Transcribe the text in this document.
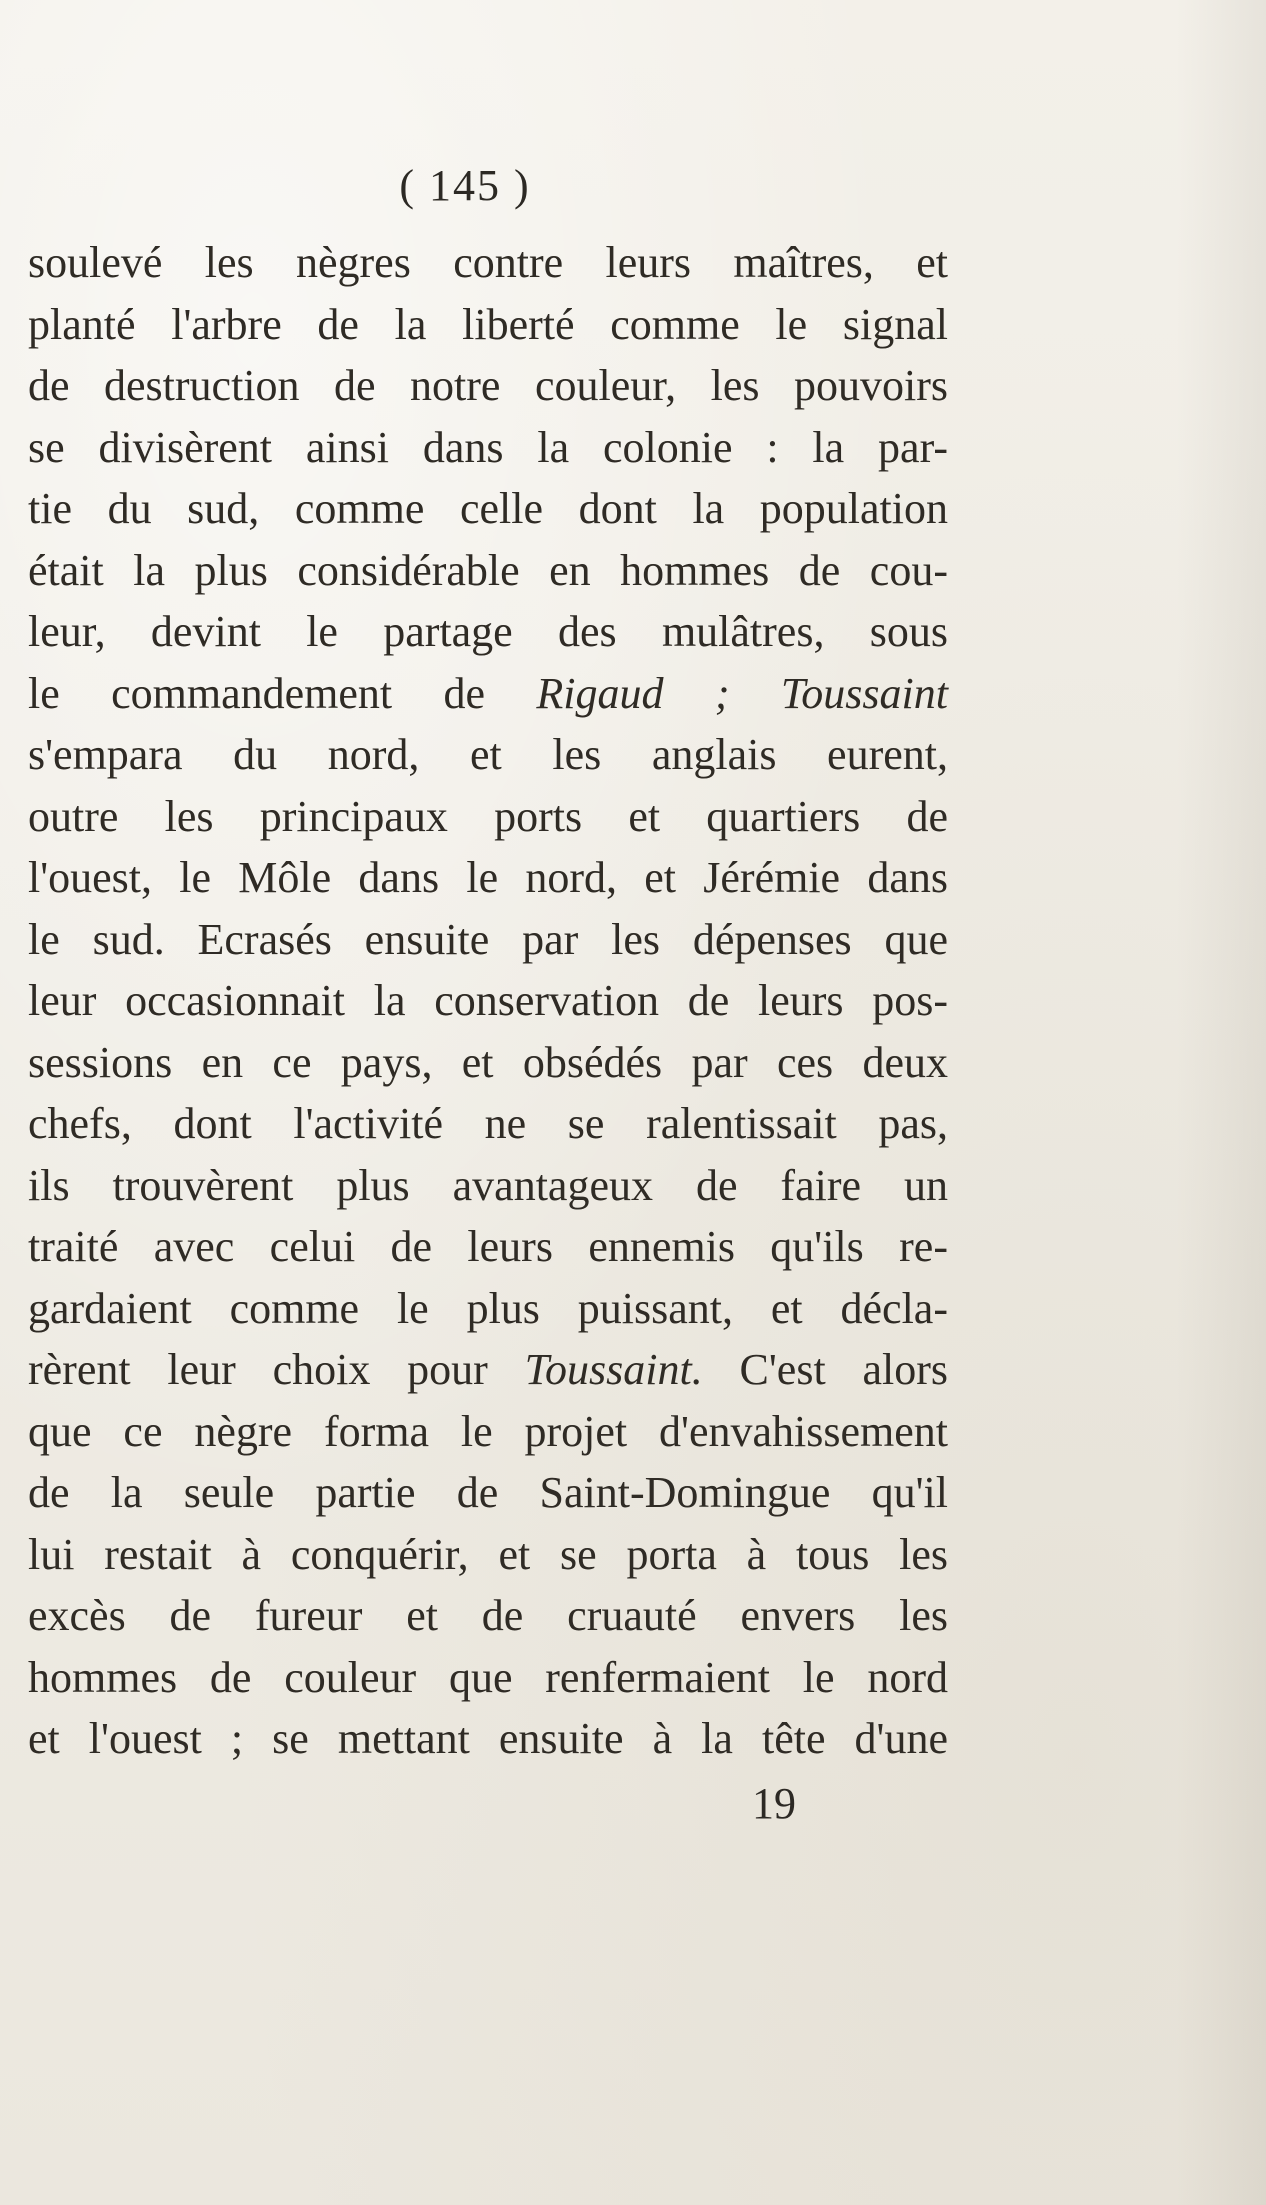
( 145 )
soulevé les nègres contre leurs maîtres, et
planté l'arbre de la liberté comme le signal
de destruction de notre couleur, les pouvoirs
se divisèrent ainsi dans la colonie : la par-
tie du sud, comme celle dont la population
était la plus considérable en hommes de cou-
leur, devint le partage des mulâtres, sous
le commandement de Rigaud ; Toussaint
s'empara du nord, et les anglais eurent,
outre les principaux ports et quartiers de
l'ouest, le Môle dans le nord, et Jérémie dans
le sud. Ecrasés ensuite par les dépenses que
leur occasionnait la conservation de leurs pos-
sessions en ce pays, et obsédés par ces deux
chefs, dont l'activité ne se ralentissait pas,
ils trouvèrent plus avantageux de faire un
traité avec celui de leurs ennemis qu'ils re-
gardaient comme le plus puissant, et décla-
rèrent leur choix pour Toussaint. C'est alors
que ce nègre forma le projet d'envahissement
de la seule partie de Saint-Domingue qu'il
lui restait à conquérir, et se porta à tous les
excès de fureur et de cruauté envers les
hommes de couleur que renfermaient le nord
et l'ouest ; se mettant ensuite à la tête d'une
19
